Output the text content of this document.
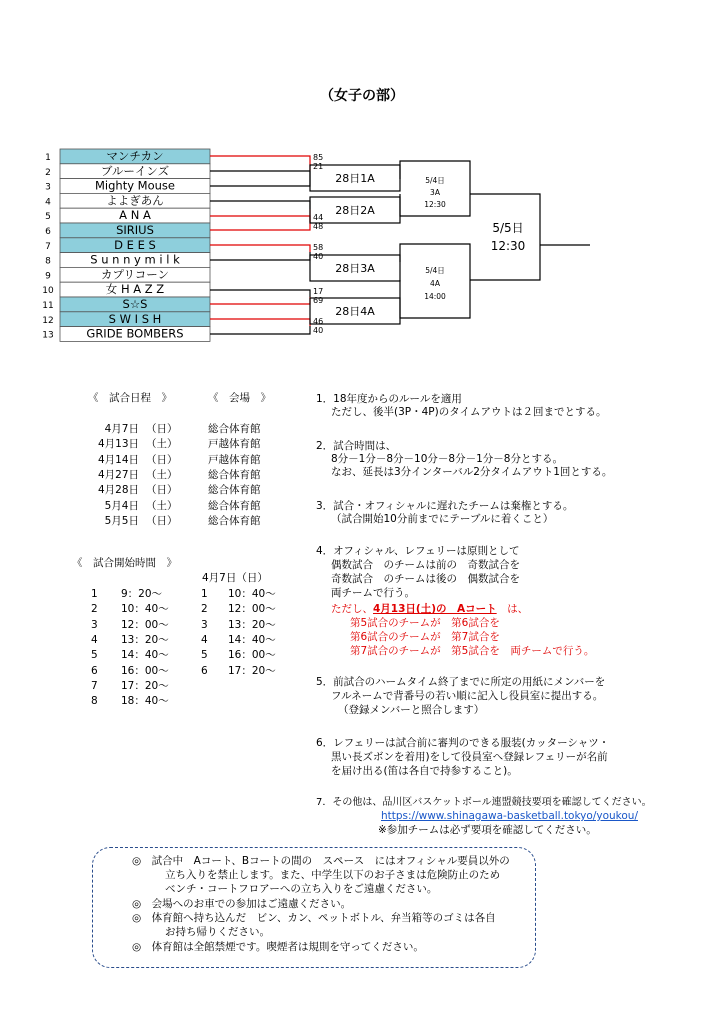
（女子の部）
1	マンチカン
2	ブルーインズ
3	Mighty Mouse
4	よよぎあん
5	A N A
6	SIRIUS
7	D E E S
8	S u n n y m i l k
9	カプリコーン
10	女 H A Z Z
11	S☆S
12	S W I S H
13	GRIDE BOMBERS
85
21
44
48
58
40
17
69
46
40
28日1A
28日2A
28日3A
28日4A
5/4日
3A
12:30
5/4日
4A
14:00
5/5日
12:30
《　試合日程　》	《　会場　》
4月7日 （日）	総合体育館
4月13日 （土）	戸越体育館
4月14日 （日）	戸越体育館
4月27日 （土）	総合体育館
4月28日 （日）	総合体育館
5月4日 （土）	総合体育館
5月5日 （日）	総合体育館
《　試合開始時間　》
4月7日（日）
1 9：20～
2 10：40～
3 12：00～
4 13：20～
5 14：40～
6 16：00～
7 17：20～
8 18：40～
1 10：40～
2 12：00～
3 13：20～
4 14：40～
5 16：00～
6 17：20～
1．18年度からのルールを適用
ただし、後半(3P・4P)のタイムアウトは２回までとする。
2．試合時間は、
8分－1分－8分－10分－8分－1分－8分とする。
なお、延長は3分インターバル2分タイムアウト1回とする。
3．試合・オフィシャルに遅れたチームは棄権とする。
（試合開始10分前までにテーブルに着くこと）
4．オフィシャル、レフェリーは原則として
偶数試合　のチームは前の　奇数試合を
奇数試合　のチームは後の　偶数試合を
両チームで行う。
ただし、4月13日(土)の　Aコート　は、
第5試合のチームが　第6試合を
第6試合のチームが　第7試合を
第7試合のチームが　第5試合を　両チームで行う。
5．前試合のハームタイム終了までに所定の用紙にメンバーを
フルネームで背番号の若い順に記入し役員室に提出する。
（登録メンバーと照合します）
6．レフェリーは試合前に審判のできる服装(カッターシャツ・
黒い長ズボンを着用)をして役員室へ登録レフェリーが名前
を届け出る(笛は各自で持参すること)。
7．その他は、品川区バスケットボール連盟競技要項を確認してください。
https://www.shinagawa-basketball.tokyo/youkou/
※参加チームは必ず要項を確認してください。
◎　試合中　Aコート、Bコートの間の　スペース　にはオフィシャル要員以外の
立ち入りを禁止します。また、中学生以下のお子さまは危険防止のため
ベンチ・コートフロアーへの立ち入りをご遠慮ください。
◎　会場へのお車での参加はご遠慮ください。
◎　体育館へ持ち込んだ　ビン、カン、ペットボトル、弁当箱等のゴミは各自
お持ち帰りください。
◎　体育館は全館禁煙です。喫煙者は規則を守ってください。
